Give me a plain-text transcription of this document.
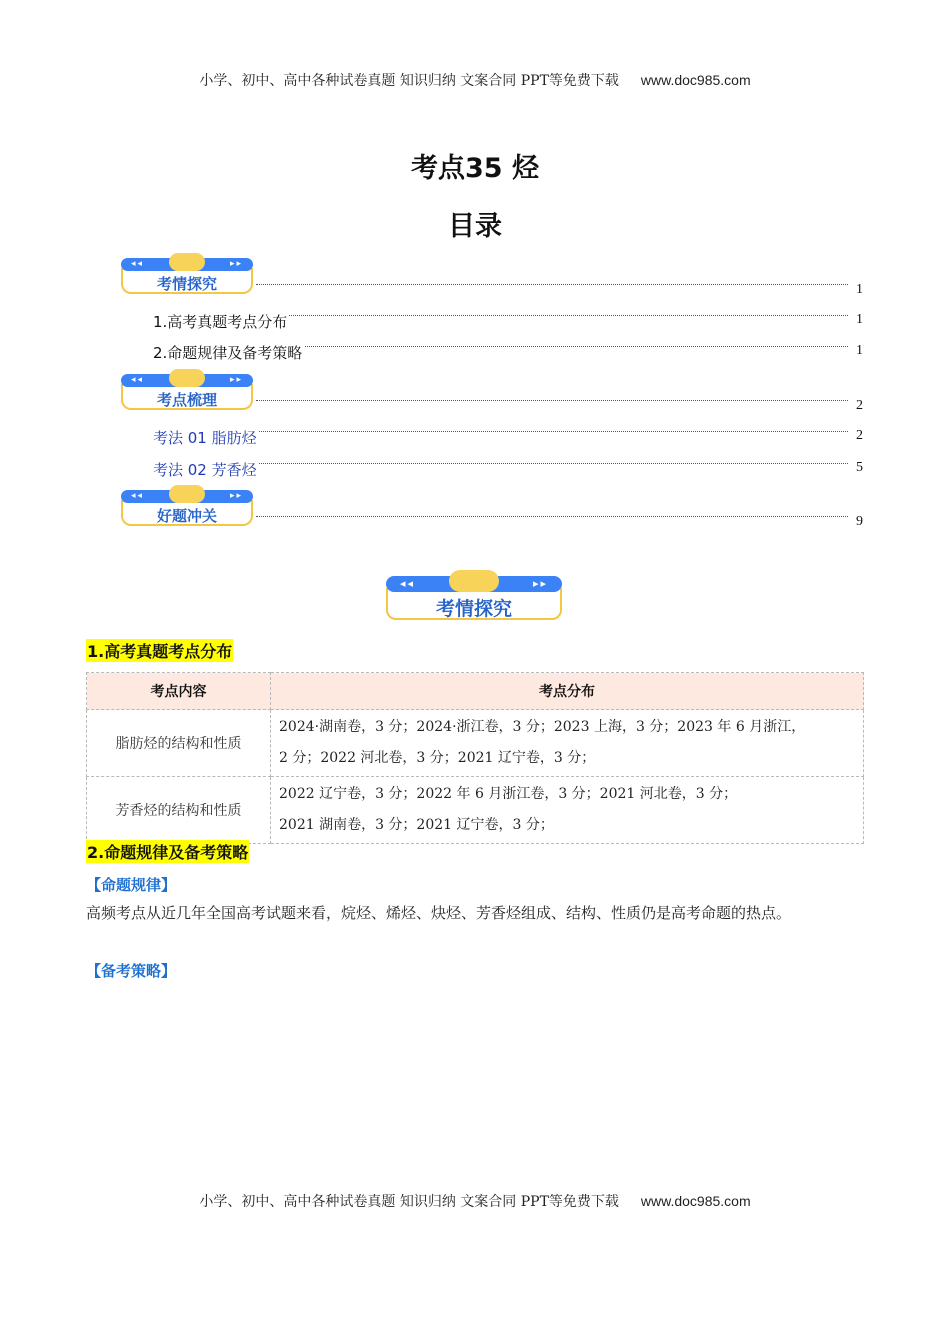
小学、初中、高中各种试卷真题 知识归纳 文案合同 PPT等免费下载 www.doc985.com
考点35 烃
目录
◂◂	▸▸
考情探究	1
1.高考真题考点分布	1
2.命题规律及备考策略	1
◂◂	▸▸
考点梳理	2
考法 01 脂肪烃	2
考法 02 芳香烃	5
◂◂	▸▸
好题冲关	9
◂◂	▸▸
考情探究
1.高考真题考点分布
考点内容	考点分布
脂肪烃的结构和性质	2024·湖南卷，3 分；2024·浙江卷，3 分；2023 上海，3 分；2023 年 6 月浙江，
2 分；2022 河北卷，3 分；2021 辽宁卷，3 分；

芳香烃的结构和性质	2022 辽宁卷，3 分；2022 年 6 月浙江卷，3 分；2021 河北卷，3 分；
2021 湖南卷，3 分；2021 辽宁卷，3 分；
2.命题规律及备考策略
【命题规律】
高频考点从近几年全国高考试题来看，烷烃、烯烃、炔烃、芳香烃组成、结构、性质仍是高考命题的热点。
【备考策略】
小学、初中、高中各种试卷真题 知识归纳 文案合同 PPT等免费下载 www.doc985.com
